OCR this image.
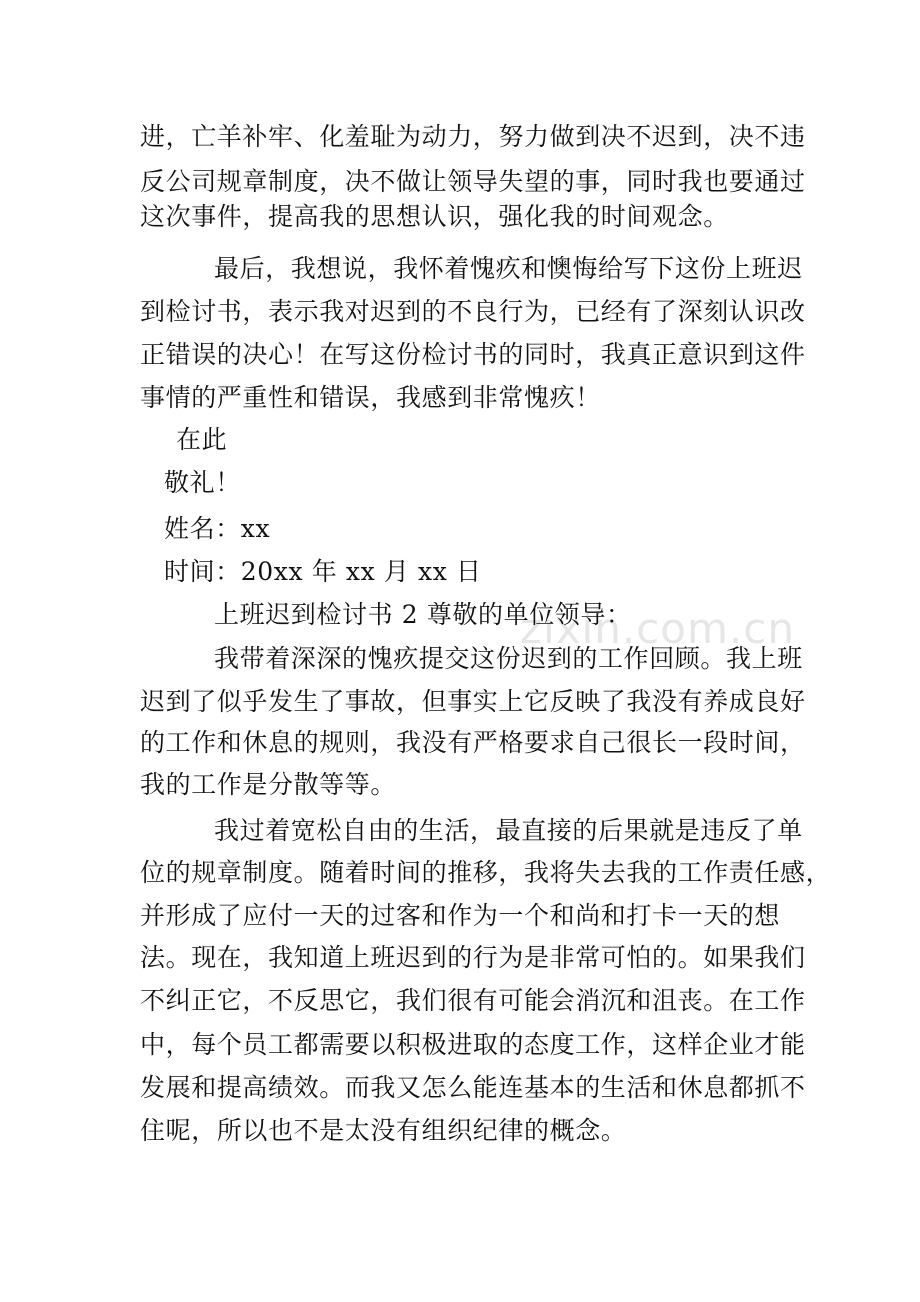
zixin.com.cn
进，亡羊补牢、化羞耻为动力，努力做到决不迟到，决不违
反公司规章制度，决不做让领导失望的事，同时我也要通过
这次事件，提高我的思想认识，强化我的时间观念。
最后，我想说，我怀着愧疚和懊悔给写下这份上班迟
到检讨书，表示我对迟到的不良行为，已经有了深刻认识改
正错误的决心！在写这份检讨书的同时，我真正意识到这件
事情的严重性和错误，我感到非常愧疚！
在此
敬礼！
姓名：xx
时间：20xx 年 xx 月 xx 日
上班迟到检讨书 2 尊敬的单位领导：
我带着深深的愧疚提交这份迟到的工作回顾。我上班
迟到了似乎发生了事故，但事实上它反映了我没有养成良好
的工作和休息的规则，我没有严格要求自己很长一段时间，
我的工作是分散等等。
我过着宽松自由的生活，最直接的后果就是违反了单
位的规章制度。随着时间的推移，我将失去我的工作责任感，
并形成了应付一天的过客和作为一个和尚和打卡一天的想
法。现在，我知道上班迟到的行为是非常可怕的。如果我们
不纠正它，不反思它，我们很有可能会消沉和沮丧。在工作
中，每个员工都需要以积极进取的态度工作，这样企业才能
发展和提高绩效。而我又怎么能连基本的生活和休息都抓不
住呢，所以也不是太没有组织纪律的概念。
